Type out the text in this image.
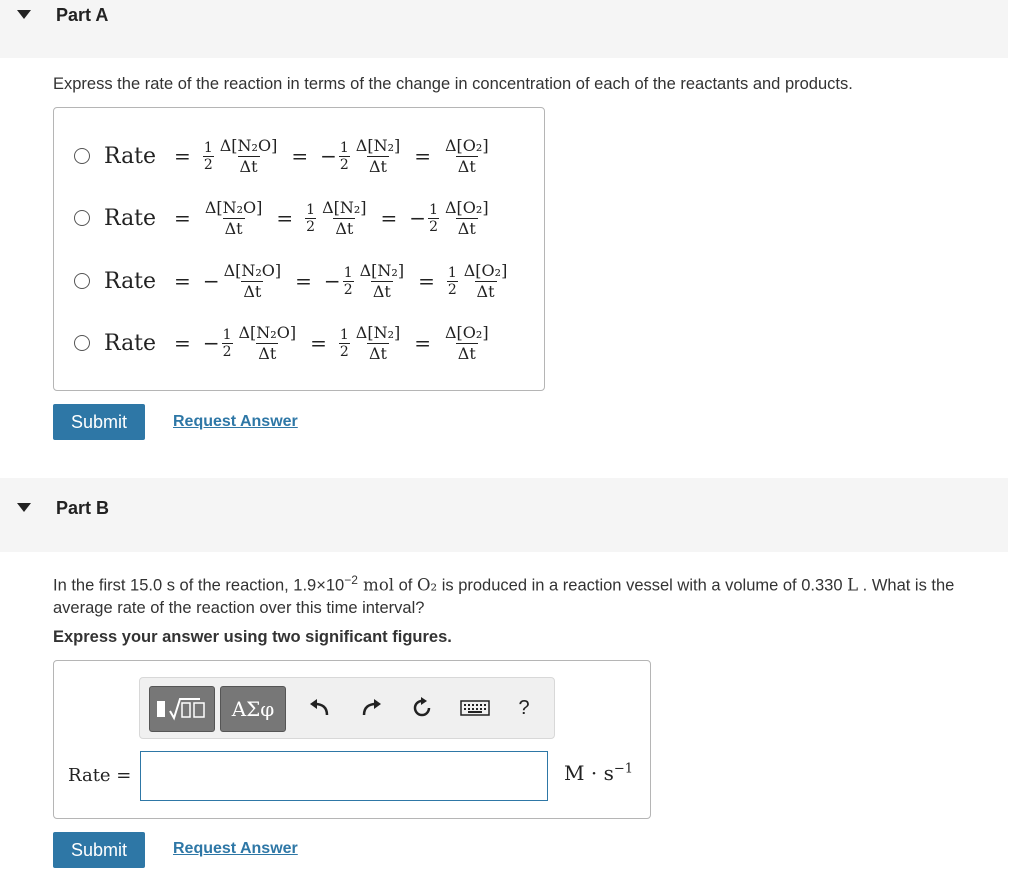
Part A
Express the rate of the reaction in terms of the change in concentration of each of the reactants and products.
Rate = $\frac{1}{2} \frac{\text{Δ[N₂O]}}{\Delta t}$ = − $\frac{1}{2} \frac{\text{Δ[N₂]}}{\Delta t} = \frac{\text{Δ[O₂]}}{\Delta t}$
Rate = $\frac{\text{Δ[N₂O]}}{\Delta t} = \frac{1}{2} \frac{\text{Δ[N₂]}}{\Delta t}$ = − $\frac{1}{2} \frac{\text{Δ[O₂]}}{\Delta t}$
Rate = − $\frac{\text{Δ[N₂O]}}{\Delta t}$ = − $\frac{1}{2} \frac{\text{Δ[N₂]}}{\Delta t} = \frac{1}{2} \frac{\text{Δ[O₂]}}{\Delta t}$
Rate = − $\frac{1}{2} \frac{\text{Δ[N₂O]}}{\Delta t} = \frac{1}{2} \frac{\text{Δ[N₂]}}{\Delta t} = \frac{\text{Δ[O₂]}}{\Delta t}$
Submit	Request Answer
Part B
In the first 15.0 s of the reaction, $1.9\times 10^{-2}$ mol of O₂ is produced in a reaction vessel with a volume of 0.330 L . What is the average rate of the reaction over this time interval?
Express your answer using two significant figures.
ΑΣφ	?
Rate =	$M \cdot s^{-1}$
Submit	Request Answer
